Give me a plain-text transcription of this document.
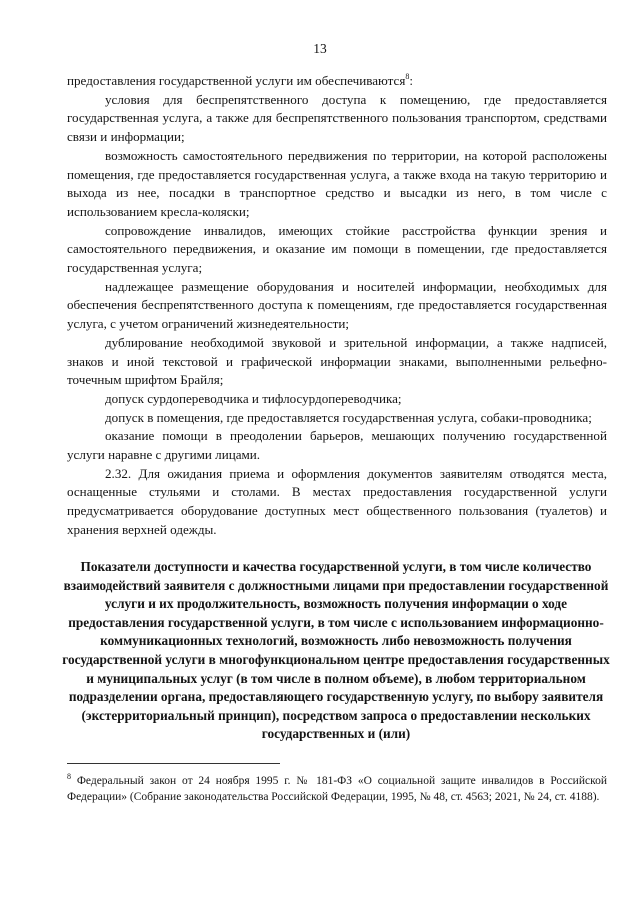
13

предоставления государственной услуги им обеспечиваются$^8$:

условия для беспрепятственного доступа к помещению, где предоставляется государственная услуга, а также для беспрепятственного пользования транспортом, средствами связи и информации;

возможность самостоятельного передвижения по территории, на которой расположены помещения, где предоставляется государственная услуга, а также входа на такую территорию и выхода из нее, посадки в транспортное средство и высадки из него, в том числе с использованием кресла-коляски;

сопровождение инвалидов, имеющих стойкие расстройства функции зрения и самостоятельного передвижения, и оказание им помощи в помещении, где предоставляется государственная услуга;

надлежащее размещение оборудования и носителей информации, необходимых для обеспечения беспрепятственного доступа к помещениям, где предоставляется государственная услуга, с учетом ограничений жизнедеятельности;

дублирование необходимой звуковой и зрительной информации, а также надписей, знаков и иной текстовой и графической информации знаками, выполненными рельефно-точечным шрифтом Брайля;

допуск сурдопереводчика и тифлосурдопереводчика;

допуск в помещения, где предоставляется государственная услуга, собаки-проводника;

оказание помощи в преодолении барьеров, мешающих получению государственной услуги наравне с другими лицами.

2.32. Для ожидания приема и оформления документов заявителям отводятся места, оснащенные стульями и столами. В местах предоставления государственной услуги предусматривается оборудование доступных мест общественного пользования (туалетов) и хранения верхней одежды.

Показатели доступности и качества государственной услуги, в том числе количество взаимодействий заявителя с должностными лицами при предоставлении государственной услуги и их продолжительность, возможность получения информации о ходе предоставления государственной услуги, в том числе с использованием информационно-коммуникационных технологий, возможность либо невозможность получения государственной услуги в многофункциональном центре предоставления государственных и муниципальных услуг (в том числе в полном объеме), в любом территориальном подразделении органа, предоставляющего государственную услугу, по выбору заявителя (экстерриториальный принцип), посредством запроса о предоставлении нескольких государственных и (или)
$^8$ Федеральный закон от 24 ноября 1995 г. № 181-ФЗ «О социальной защите инвалидов в Российской Федерации» (Собрание законодательства Российской Федерации, 1995, № 48, ст. 4563; 2021, № 24, ст. 4188).
